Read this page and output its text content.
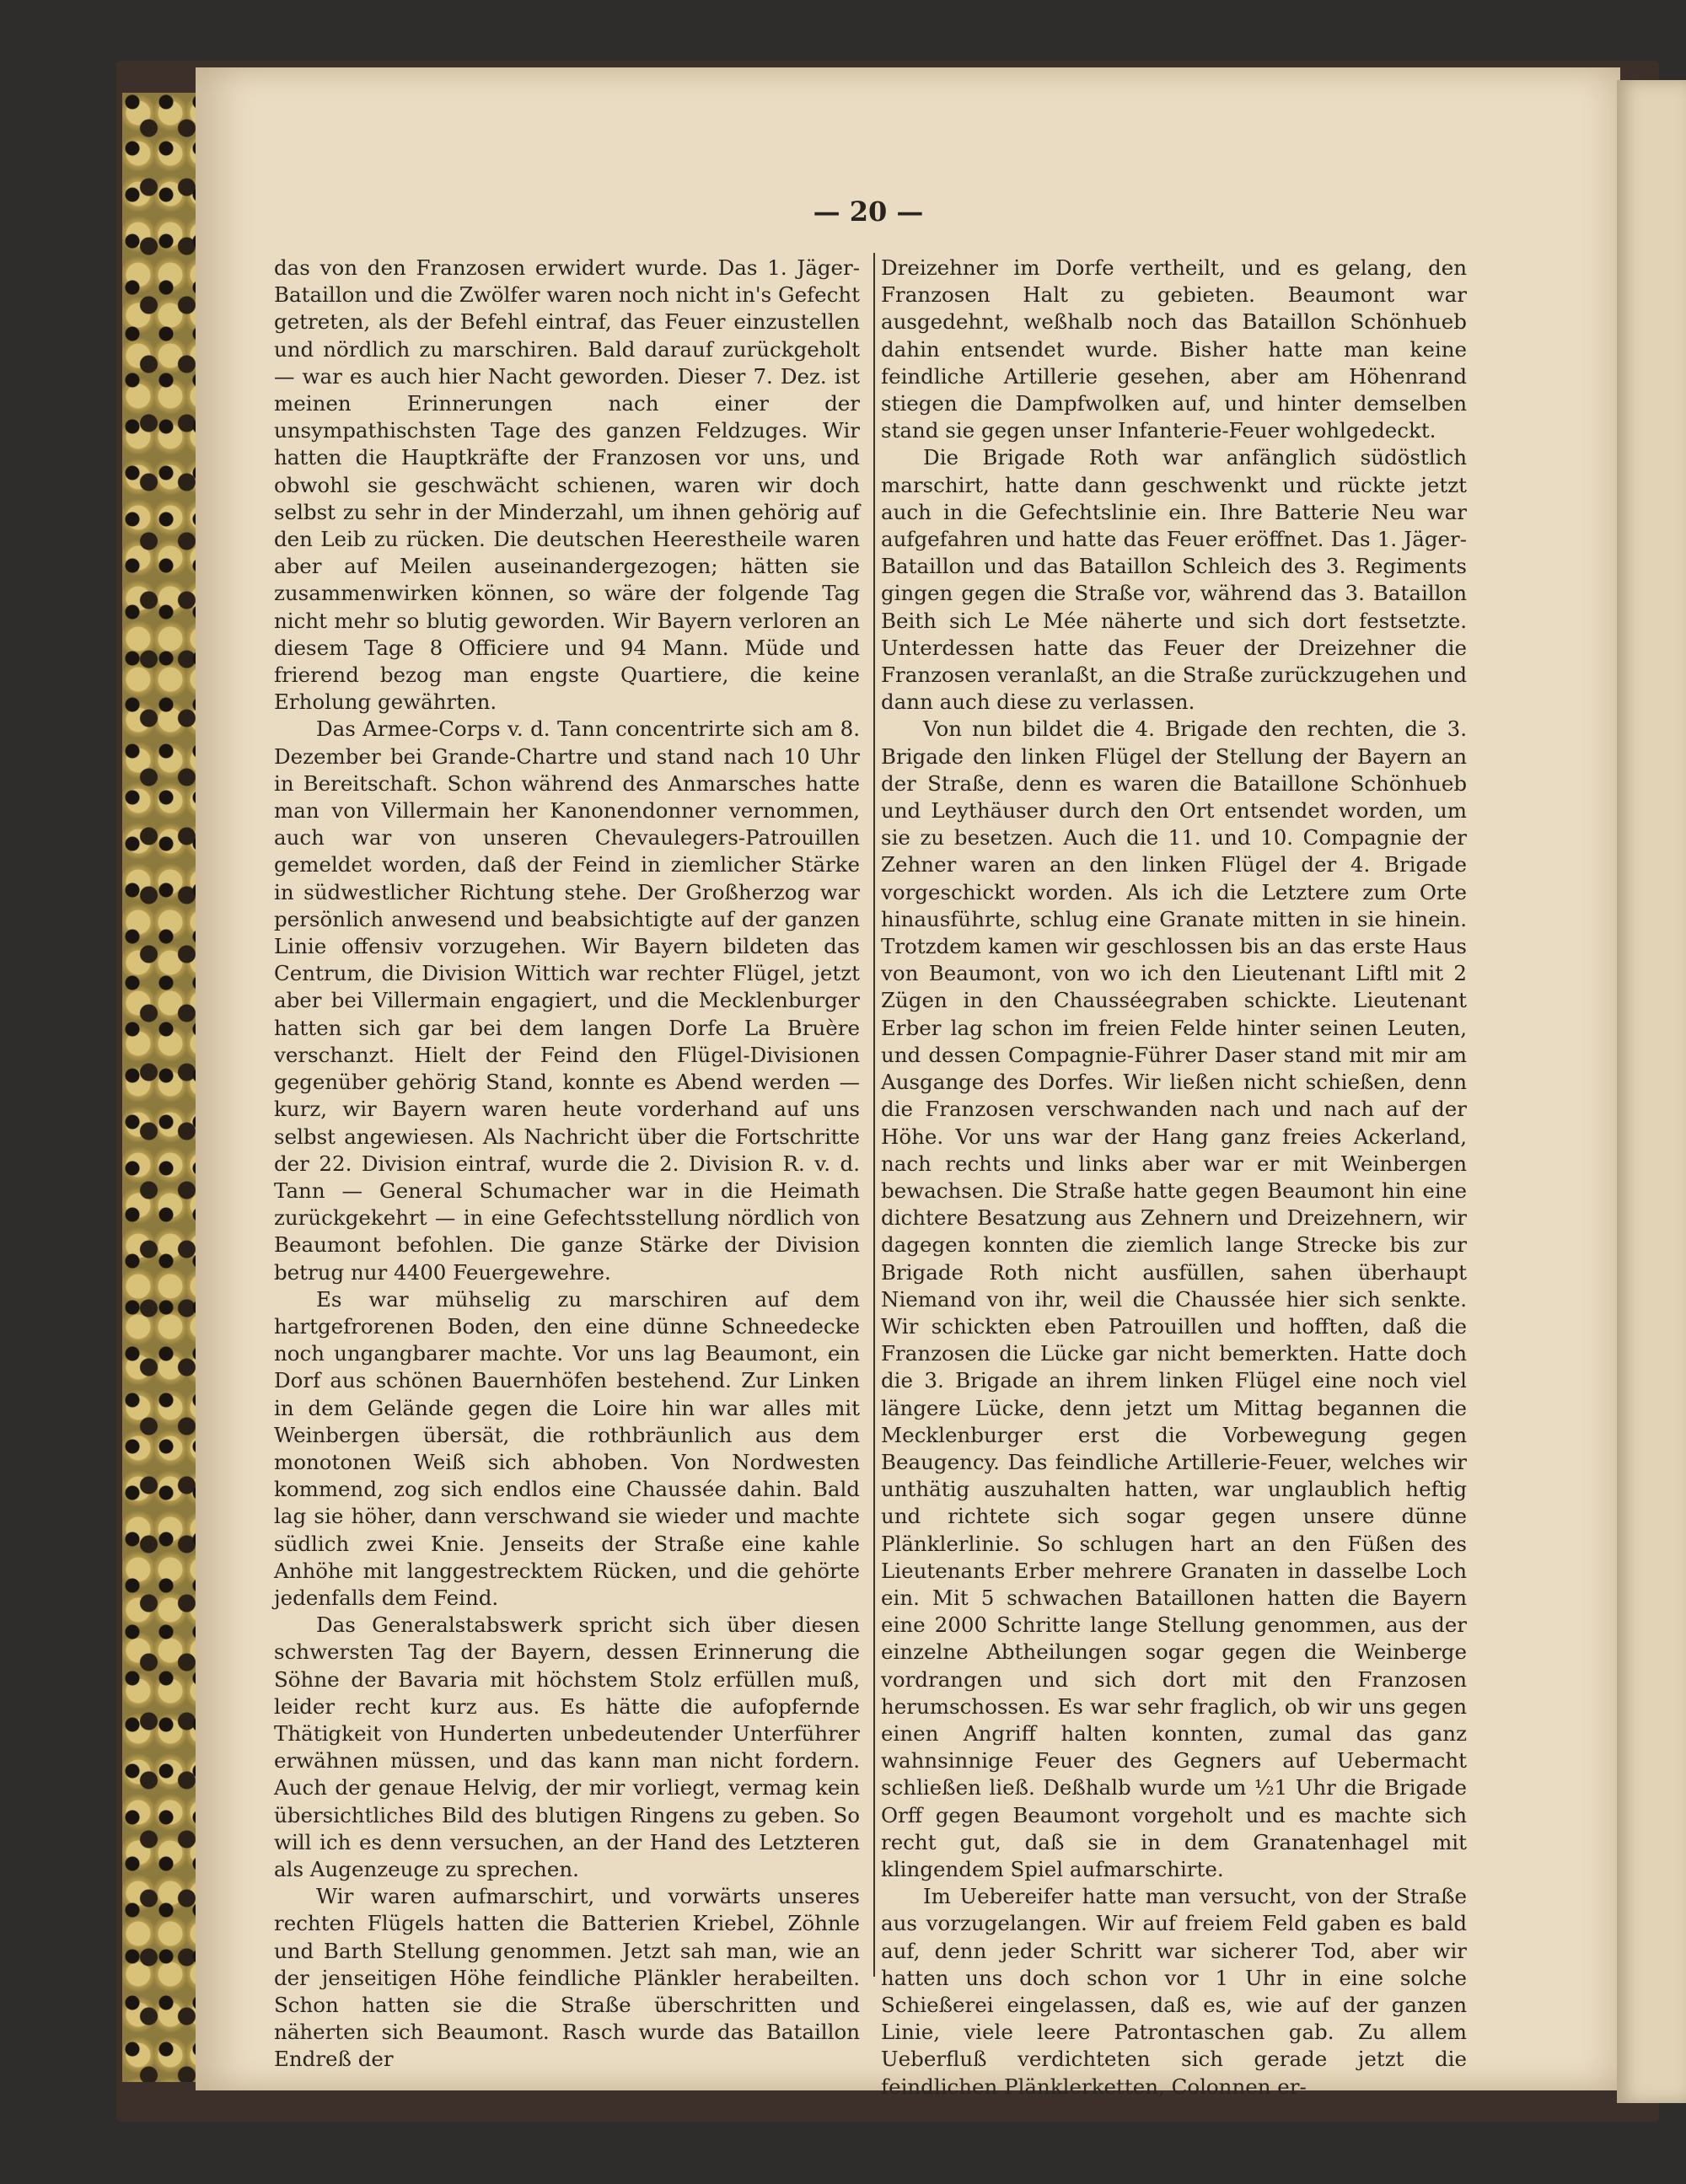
— 20 —

das von den Franzosen erwidert wurde. Das 1. Jäger-Bataillon und die Zwölfer waren noch nicht in's Gefecht getreten, als der Befehl eintraf, das Feuer einzustellen und nördlich zu marschiren. Bald darauf zurückgeholt — war es auch hier Nacht geworden. Dieser 7. Dez. ist meinen Erinnerungen nach einer der unsympathischsten Tage des ganzen Feldzuges. Wir hatten die Hauptkräfte der Franzosen vor uns, und obwohl sie geschwächt schienen, waren wir doch selbst zu sehr in der Minderzahl, um ihnen gehörig auf den Leib zu rücken. Die deutschen Heerestheile waren aber auf Meilen auseinandergezogen; hätten sie zusammenwirken können, so wäre der folgende Tag nicht mehr so blutig geworden. Wir Bayern verloren an diesem Tage 8 Officiere und 94 Mann. Müde und frierend bezog man engste Quartiere, die keine Erholung gewährten.

Das Armee-Corps v. d. Tann concentrirte sich am 8. Dezember bei Grande-Chartre und stand nach 10 Uhr in Bereitschaft. Schon während des Anmarsches hatte man von Villermain her Kanonendonner vernommen, auch war von unseren Chevaulegers-Patrouillen gemeldet worden, daß der Feind in ziemlicher Stärke in südwestlicher Richtung stehe. Der Großherzog war persönlich anwesend und beabsichtigte auf der ganzen Linie offensiv vorzugehen. Wir Bayern bildeten das Centrum, die Division Wittich war rechter Flügel, jetzt aber bei Villermain engagiert, und die Mecklenburger hatten sich gar bei dem langen Dorfe La Bruère verschanzt. Hielt der Feind den Flügel-Divisionen gegenüber gehörig Stand, konnte es Abend werden — kurz, wir Bayern waren heute vorderhand auf uns selbst angewiesen. Als Nachricht über die Fortschritte der 22. Division eintraf, wurde die 2. Division R. v. d. Tann — General Schumacher war in die Heimath zurückgekehrt — in eine Gefechtsstellung nördlich von Beaumont befohlen. Die ganze Stärke der Division betrug nur 4400 Feuergewehre.

Es war mühselig zu marschiren auf dem hartgefrorenen Boden, den eine dünne Schneedecke noch ungangbarer machte. Vor uns lag Beaumont, ein Dorf aus schönen Bauernhöfen bestehend. Zur Linken in dem Gelände gegen die Loire hin war alles mit Weinbergen übersät, die rothbräunlich aus dem monotonen Weiß sich abhoben. Von Nordwesten kommend, zog sich endlos eine Chaussée dahin. Bald lag sie höher, dann verschwand sie wieder und machte südlich zwei Knie. Jenseits der Straße eine kahle Anhöhe mit langgestrecktem Rücken, und die gehörte jedenfalls dem Feind.

Das Generalstabswerk spricht sich über diesen schwersten Tag der Bayern, dessen Erinnerung die Söhne der Bavaria mit höchstem Stolz erfüllen muß, leider recht kurz aus. Es hätte die aufopfernde Thätigkeit von Hunderten unbedeutender Unterführer erwähnen müssen, und das kann man nicht fordern. Auch der genaue Helvig, der mir vorliegt, vermag kein übersichtliches Bild des blutigen Ringens zu geben. So will ich es denn versuchen, an der Hand des Letzteren als Augenzeuge zu sprechen.

Wir waren aufmarschirt, und vorwärts unseres rechten Flügels hatten die Batterien Kriebel, Zöhnle und Barth Stellung genommen. Jetzt sah man, wie an der jenseitigen Höhe feindliche Plänkler herabeilten. Schon hatten sie die Straße überschritten und näherten sich Beaumont. Rasch wurde das Bataillon Endreß der

Dreizehner im Dorfe vertheilt, und es gelang, den Franzosen Halt zu gebieten. Beaumont war ausgedehnt, weßhalb noch das Bataillon Schönhueb dahin entsendet wurde. Bisher hatte man keine feindliche Artillerie gesehen, aber am Höhenrand stiegen die Dampfwolken auf, und hinter demselben stand sie gegen unser Infanterie-Feuer wohlgedeckt.

Die Brigade Roth war anfänglich südöstlich marschirt, hatte dann geschwenkt und rückte jetzt auch in die Gefechtslinie ein. Ihre Batterie Neu war aufgefahren und hatte das Feuer eröffnet. Das 1. Jäger-Bataillon und das Bataillon Schleich des 3. Regiments gingen gegen die Straße vor, während das 3. Bataillon Beith sich Le Mée näherte und sich dort festsetzte. Unterdessen hatte das Feuer der Dreizehner die Franzosen veranlaßt, an die Straße zurückzugehen und dann auch diese zu verlassen.

Von nun bildet die 4. Brigade den rechten, die 3. Brigade den linken Flügel der Stellung der Bayern an der Straße, denn es waren die Bataillone Schönhueb und Leythäuser durch den Ort entsendet worden, um sie zu besetzen. Auch die 11. und 10. Compagnie der Zehner waren an den linken Flügel der 4. Brigade vorgeschickt worden. Als ich die Letztere zum Orte hinausführte, schlug eine Granate mitten in sie hinein. Trotzdem kamen wir geschlossen bis an das erste Haus von Beaumont, von wo ich den Lieutenant Liftl mit 2 Zügen in den Chausséegraben schickte. Lieutenant Erber lag schon im freien Felde hinter seinen Leuten, und dessen Compagnie-Führer Daser stand mit mir am Ausgange des Dorfes. Wir ließen nicht schießen, denn die Franzosen verschwanden nach und nach auf der Höhe. Vor uns war der Hang ganz freies Ackerland, nach rechts und links aber war er mit Weinbergen bewachsen. Die Straße hatte gegen Beaumont hin eine dichtere Besatzung aus Zehnern und Dreizehnern, wir dagegen konnten die ziemlich lange Strecke bis zur Brigade Roth nicht ausfüllen, sahen überhaupt Niemand von ihr, weil die Chaussée hier sich senkte. Wir schickten eben Patrouillen und hofften, daß die Franzosen die Lücke gar nicht bemerkten. Hatte doch die 3. Brigade an ihrem linken Flügel eine noch viel längere Lücke, denn jetzt um Mittag begannen die Mecklenburger erst die Vorbewegung gegen Beaugency. Das feindliche Artillerie-Feuer, welches wir unthätig auszuhalten hatten, war unglaublich heftig und richtete sich sogar gegen unsere dünne Plänklerlinie. So schlugen hart an den Füßen des Lieutenants Erber mehrere Granaten in dasselbe Loch ein. Mit 5 schwachen Bataillonen hatten die Bayern eine 2000 Schritte lange Stellung genommen, aus der einzelne Abtheilungen sogar gegen die Weinberge vordrangen und sich dort mit den Franzosen herumschossen. Es war sehr fraglich, ob wir uns gegen einen Angriff halten konnten, zumal das ganz wahnsinnige Feuer des Gegners auf Uebermacht schließen ließ. Deßhalb wurde um ½1 Uhr die Brigade Orff gegen Beaumont vorgeholt und es machte sich recht gut, daß sie in dem Granatenhagel mit klingendem Spiel aufmarschirte.

Im Uebereifer hatte man versucht, von der Straße aus vorzugelangen. Wir auf freiem Feld gaben es bald auf, denn jeder Schritt war sicherer Tod, aber wir hatten uns doch schon vor 1 Uhr in eine solche Schießerei eingelassen, daß es, wie auf der ganzen Linie, viele leere Patrontaschen gab. Zu allem Ueberfluß verdichteten sich gerade jetzt die feindlichen Plänklerketten, Colonnen er-
